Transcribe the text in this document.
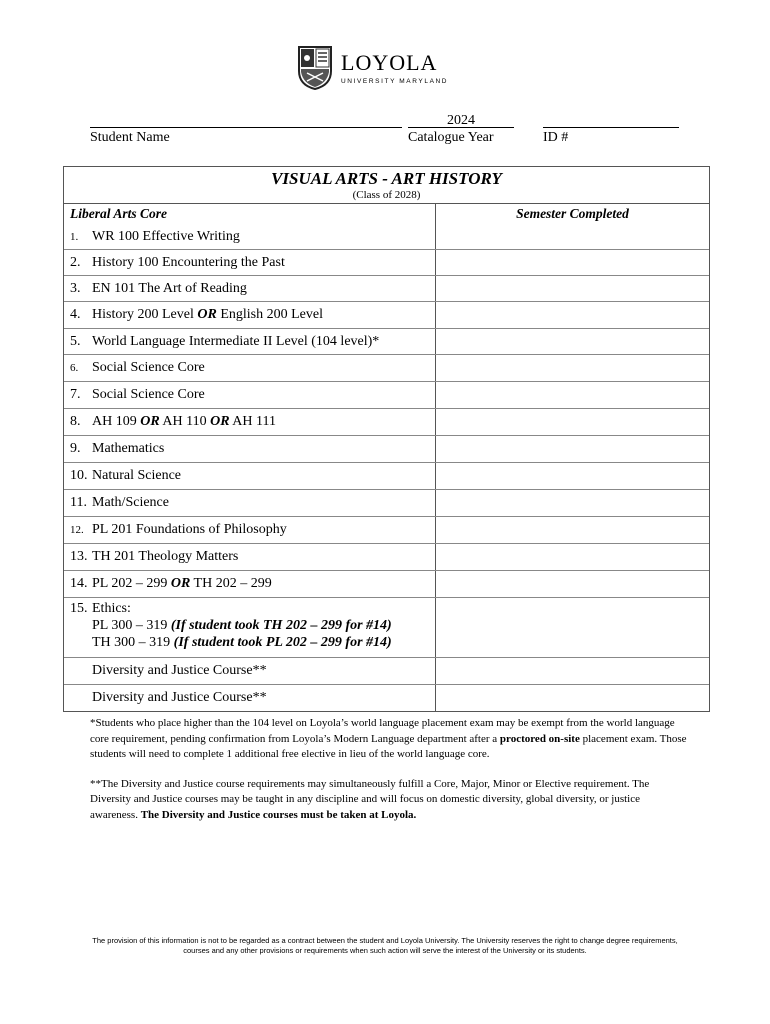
LOYOLA
UNIVERSITY MARYLAND
Student Name
2024
Catalogue Year	ID #
VISUAL ARTS - ART HISTORY
(Class of 2028)
Liberal Arts Core	Semester Completed
1. WR 100 Effective Writing
2. History 100 Encountering the Past
3. EN 101 The Art of Reading
4. History 200 Level OR English 200 Level
5. World Language Intermediate II Level (104 level)*
6. Social Science Core
7. Social Science Core
8. AH 109 OR AH 110 OR AH 111
9. Mathematics
10. Natural Science
11. Math/Science
12. PL 201 Foundations of Philosophy
13. TH 201 Theology Matters
14. PL 202 – 299 OR TH 202 – 299
15. Ethics:
PL 300 – 319 (If student took TH 202 – 299 for #14)
TH 300 – 319 (If student took PL 202 – 299 for #14)
Diversity and Justice Course**
Diversity and Justice Course**

*Students who place higher than the 104 level on Loyola’s world language placement exam may be exempt from the world language core requirement, pending confirmation from Loyola’s Modern Language department after a proctored on-site placement exam. Those students will need to complete 1 additional free elective in lieu of the world language core.

**The Diversity and Justice course requirements may simultaneously fulfill a Core, Major, Minor or Elective requirement. The Diversity and Justice courses may be taught in any discipline and will focus on domestic diversity, global diversity, or justice awareness. The Diversity and Justice courses must be taken at Loyola.

The provision of this information is not to be regarded as a contract between the student and Loyola University. The University reserves the right to change degree requirements, courses and any other provisions or requirements when such action will serve the interest of the University or its students.
